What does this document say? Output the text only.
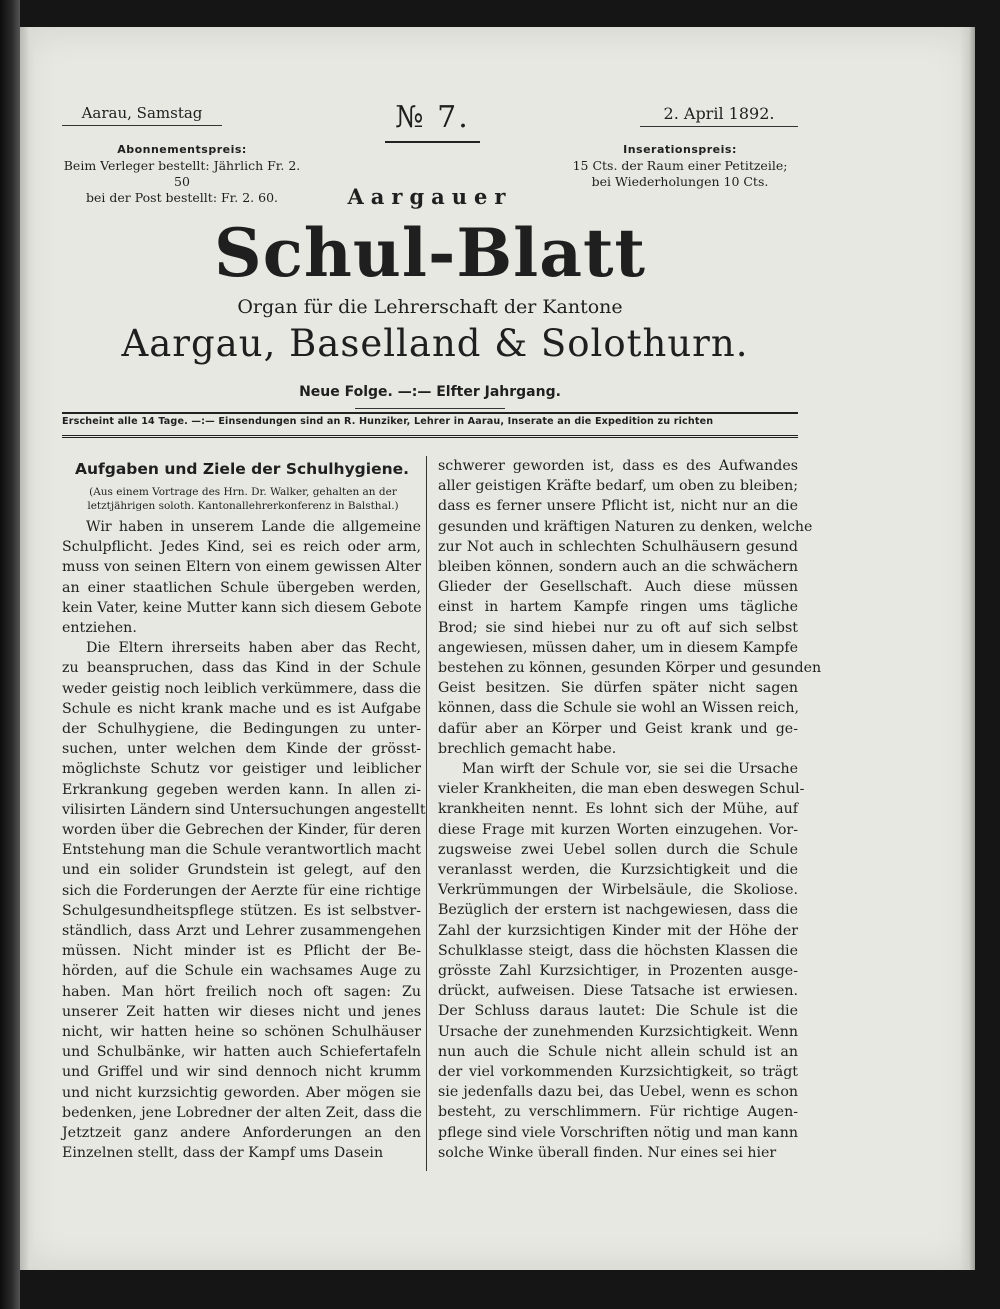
Aarau, Samstag	№ 7.	2. April 1892.
Abonnementspreis:
Beim Verleger bestellt: Jährlich Fr. 2. 50
bei der Post bestellt: Fr. 2. 60.
Inserationspreis:
15 Cts. der Raum einer Petitzeile;
bei Wiederholungen 10 Cts.
Aargauer
Schul-Blatt
Organ für die Lehrerschaft der Kantone
Aargau, Baselland & Solothurn.
Neue Folge. —:— Elfter Jahrgang.
Erscheint alle 14 Tage. —:— Einsendungen sind an R. Hunziker, Lehrer in Aarau, Inserate an die Expedition zu richten
Aufgaben und Ziele der Schulhygiene.
(Aus einem Vortrage des Hrn. Dr. Walker, gehalten an der letztjährigen soloth. Kantonallehrerkonferenz in Balsthal.)
Wir haben in unserem Lande die allgemeine
Schulpflicht. Jedes Kind, sei es reich oder arm,
muss von seinen Eltern von einem gewissen Alter
an einer staatlichen Schule übergeben werden,
kein Vater, keine Mutter kann sich diesem Gebote
entziehen.
Die Eltern ihrerseits haben aber das Recht,
zu beanspruchen, dass das Kind in der Schule
weder geistig noch leiblich verkümmere, dass die
Schule es nicht krank mache und es ist Aufgabe
der Schulhygiene, die Bedingungen zu unter-
suchen, unter welchen dem Kinde der grösst-
möglichste Schutz vor geistiger und leiblicher
Erkrankung gegeben werden kann. In allen zi-
vilisirten Ländern sind Untersuchungen angestellt
worden über die Gebrechen der Kinder, für deren
Entstehung man die Schule verantwortlich macht
und ein solider Grundstein ist gelegt, auf den
sich die Forderungen der Aerzte für eine richtige
Schulgesundheitspflege stützen. Es ist selbstver-
ständlich, dass Arzt und Lehrer zusammengehen
müssen. Nicht minder ist es Pflicht der Be-
hörden, auf die Schule ein wachsames Auge zu
haben. Man hört freilich noch oft sagen: Zu
unserer Zeit hatten wir dieses nicht und jenes
nicht, wir hatten heine so schönen Schulhäuser
und Schulbänke, wir hatten auch Schiefertafeln
und Griffel und wir sind dennoch nicht krumm
und nicht kurzsichtig geworden. Aber mögen sie
bedenken, jene Lobredner der alten Zeit, dass die
Jetztzeit ganz andere Anforderungen an den
Einzelnen stellt, dass der Kampf ums Dasein
schwerer geworden ist, dass es des Aufwandes
aller geistigen Kräfte bedarf, um oben zu bleiben;
dass es ferner unsere Pflicht ist, nicht nur an die
gesunden und kräftigen Naturen zu denken, welche
zur Not auch in schlechten Schulhäusern gesund
bleiben können, sondern auch an die schwächern
Glieder der Gesellschaft. Auch diese müssen
einst in hartem Kampfe ringen ums tägliche
Brod; sie sind hiebei nur zu oft auf sich selbst
angewiesen, müssen daher, um in diesem Kampfe
bestehen zu können, gesunden Körper und gesunden
Geist besitzen. Sie dürfen später nicht sagen
können, dass die Schule sie wohl an Wissen reich,
dafür aber an Körper und Geist krank und ge-
brechlich gemacht habe.
Man wirft der Schule vor, sie sei die Ursache
vieler Krankheiten, die man eben deswegen Schul-
krankheiten nennt. Es lohnt sich der Mühe, auf
diese Frage mit kurzen Worten einzugehen. Vor-
zugsweise zwei Uebel sollen durch die Schule
veranlasst werden, die Kurzsichtigkeit und die
Verkrümmungen der Wirbelsäule, die Skoliose.
Bezüglich der erstern ist nachgewiesen, dass die
Zahl der kurzsichtigen Kinder mit der Höhe der
Schulklasse steigt, dass die höchsten Klassen die
grösste Zahl Kurzsichtiger, in Prozenten ausge-
drückt, aufweisen. Diese Tatsache ist erwiesen.
Der Schluss daraus lautet: Die Schule ist die
Ursache der zunehmenden Kurzsichtigkeit. Wenn
nun auch die Schule nicht allein schuld ist an
der viel vorkommenden Kurzsichtigkeit, so trägt
sie jedenfalls dazu bei, das Uebel, wenn es schon
besteht, zu verschlimmern. Für richtige Augen-
pflege sind viele Vorschriften nötig und man kann
solche Winke überall finden. Nur eines sei hier
